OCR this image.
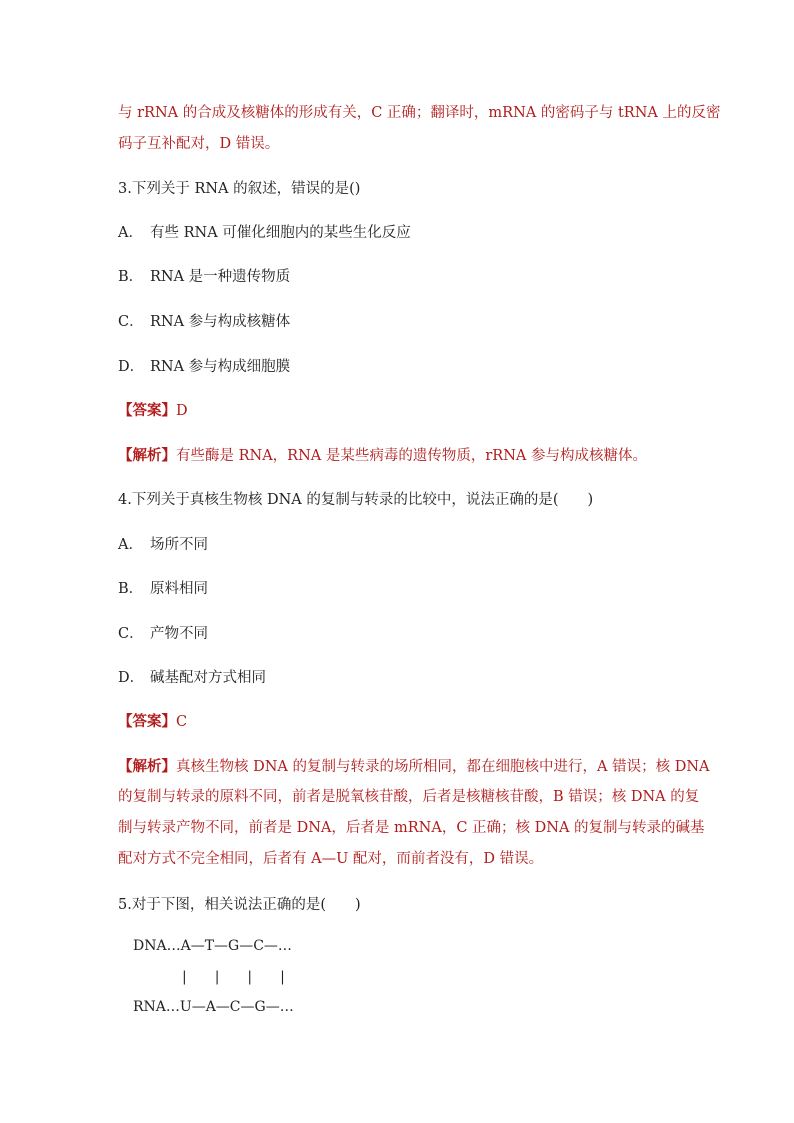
与 rRNA 的合成及核糖体的形成有关，C 正确；翻译时，mRNA 的密码子与 tRNA 上的反密
码子互补配对，D 错误。
3.下列关于 RNA 的叙述，错误的是()
A． 有些 RNA 可催化细胞内的某些生化反应
B． RNA 是一种遗传物质
C． RNA 参与构成核糖体
D． RNA 参与构成细胞膜
【答案】D
【解析】有些酶是 RNA，RNA 是某些病毒的遗传物质，rRNA 参与构成核糖体。
4.下列关于真核生物核 DNA 的复制与转录的比较中，说法正确的是(　　)
A． 场所不同
B． 原料相同
C． 产物不同
D． 碱基配对方式相同
【答案】C
【解析】真核生物核 DNA 的复制与转录的场所相同，都在细胞核中进行，A 错误；核 DNA
的复制与转录的原料不同，前者是脱氧核苷酸，后者是核糖核苷酸，B 错误；核 DNA 的复
制与转录产物不同，前者是 DNA，后者是 mRNA，C 正确；核 DNA 的复制与转录的碱基
配对方式不完全相同，后者有 A—U 配对，而前者没有，D 错误。
5.对于下图，相关说法正确的是(　　)
DNA…A—T—G—C—…
|　　|　　|　　|
RNA…U—A—C—G—…
